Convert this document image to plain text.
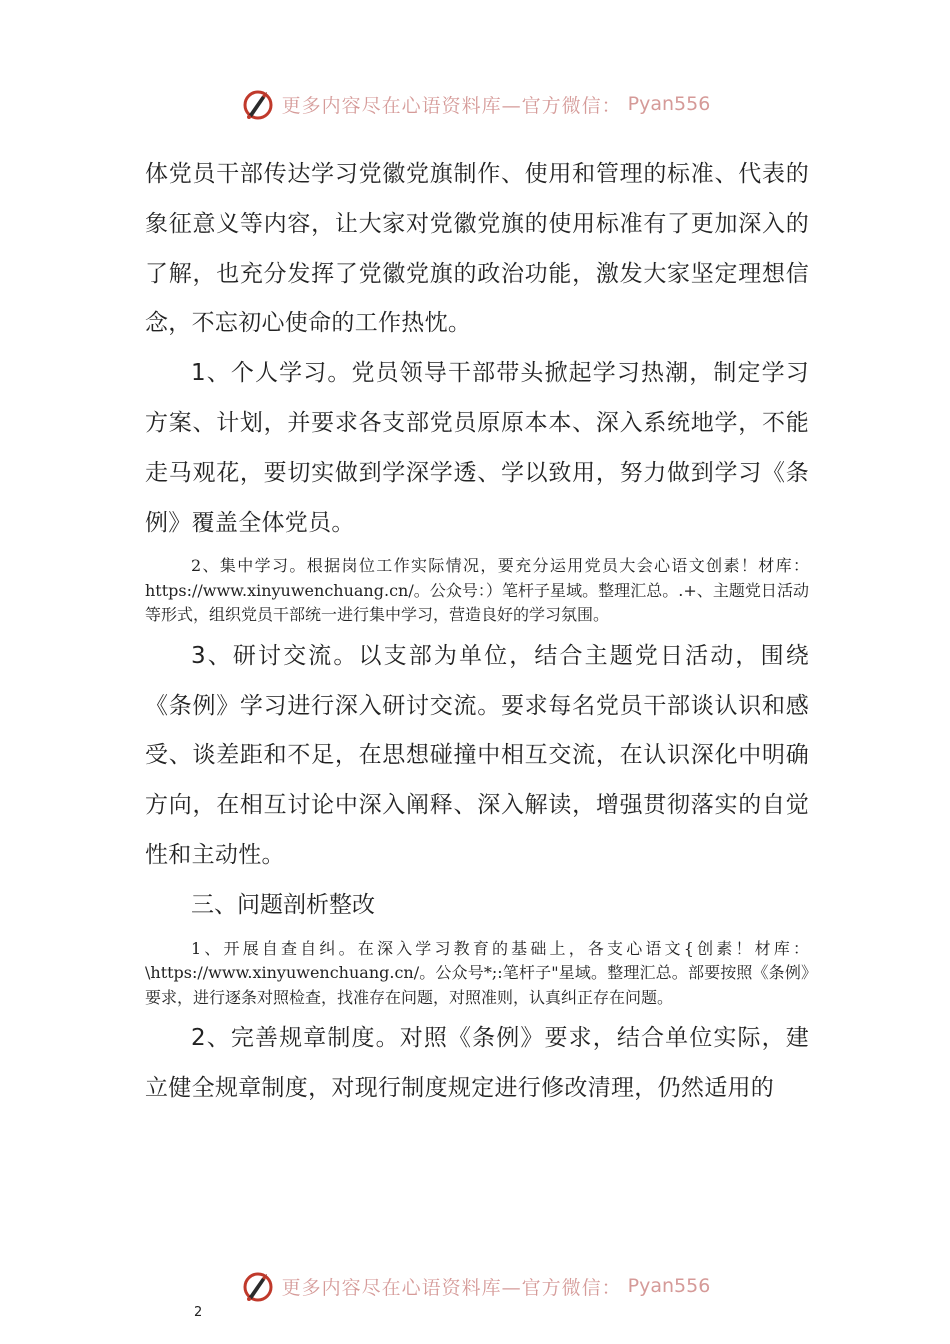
更多内容尽在心语资料库—官方微信： Pyan556

体党员干部传达学习党徽党旗制作、使用和管理的标准、代表的象征意义等内容，让大家对党徽党旗的使用标准有了更加深入的了解，也充分发挥了党徽党旗的政治功能，激发大家坚定理想信念，不忘初心使命的工作热忱。

1、个人学习。党员领导干部带头掀起学习热潮，制定学习方案、计划，并要求各支部党员原原本本、深入系统地学，不能走马观花，要切实做到学深学透、学以致用，努力做到学习《条例》覆盖全体党员。

2、集中学习。根据岗位工作实际情况，要充分运用党员大会心语文创素！材库：https://www.xinyuwenchuang.cn/。公众号：）笔杆子星域。整理汇总。.+、主题党日活动等形式，组织党员干部统一进行集中学习，营造良好的学习氛围。

3、研讨交流。以支部为单位，结合主题党日活动，围绕《条例》学习进行深入研讨交流。要求每名党员干部谈认识和感受、谈差距和不足，在思想碰撞中相互交流，在认识深化中明确方向，在相互讨论中深入阐释、深入解读，增强贯彻落实的自觉性和主动性。

三、问题剖析整改

1、开展自查自纠。在深入学习教育的基础上，各支心语文{创素！材库：\https://www.xinyuwenchuang.cn/。公众号*;:笔杆子"星域。整理汇总。部要按照《条例》要求，进行逐条对照检查，找准存在问题，对照准则，认真纠正存在问题。

2、完善规章制度。对照《条例》要求，结合单位实际，建立健全规章制度，对现行制度规定进行修改清理，仍然适用的

更多内容尽在心语资料库—官方微信： Pyan556
2
